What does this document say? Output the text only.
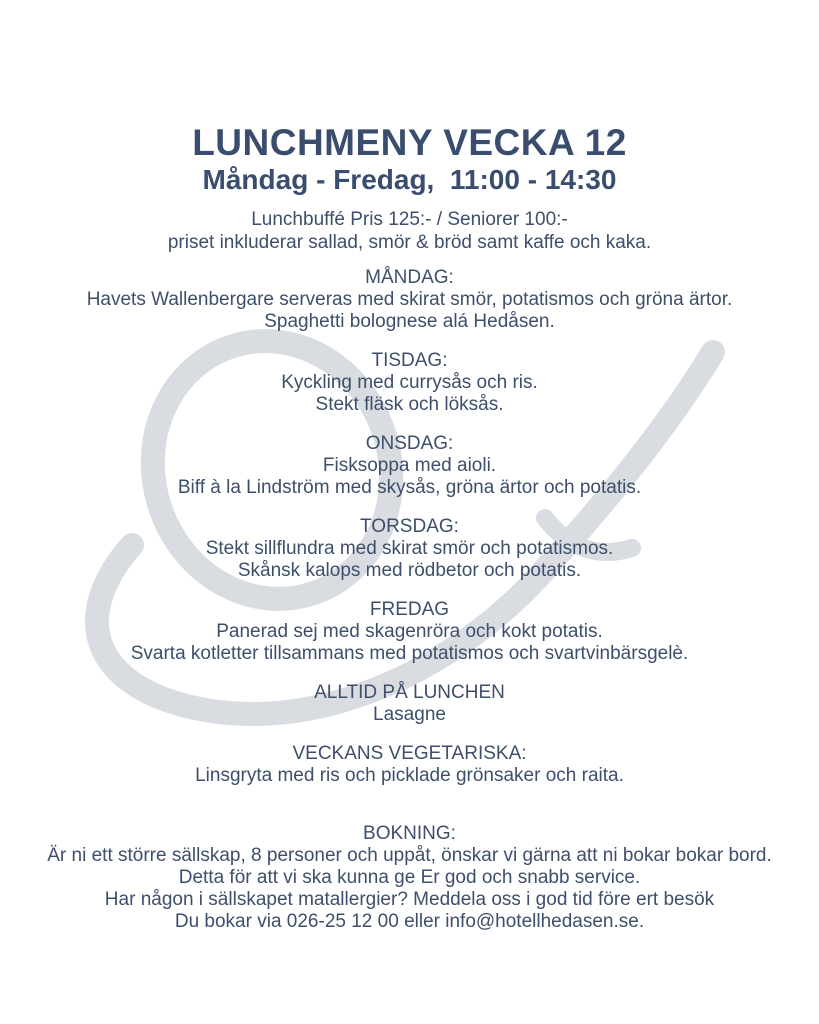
LUNCHMENY VECKA 12
Måndag - Fredag,  11:00 - 14:30
Lunchbuffé Pris 125:- / Seniorer 100:-
priset inkluderar sallad, smör & bröd samt kaffe och kaka.
MÅNDAG:
Havets Wallenbergare serveras med skirat smör, potatismos och gröna ärtor.
Spaghetti bolognese alá Hedåsen.
TISDAG:
Kyckling med currysås och ris.
Stekt fläsk och löksås.
ONSDAG:
Fisksoppa med aioli.
Biff à la Lindström med skysås, gröna ärtor och potatis.
TORSDAG:
Stekt sillflundra med skirat smör och potatismos.
Skånsk kalops med rödbetor och potatis.
FREDAG
Panerad sej med skagenröra och kokt potatis.
Svarta kotletter tillsammans med potatismos och svartvinbärsgelè.
ALLTID PÅ LUNCHEN
Lasagne
VECKANS VEGETARISKA:
Linsgryta med ris och picklade grönsaker och raita.
BOKNING:
Är ni ett större sällskap, 8 personer och uppåt, önskar vi gärna att ni bokar bokar bord.
Detta för att vi ska kunna ge Er god och snabb service.
Har någon i sällskapet matallergier? Meddela oss i god tid före ert besök
Du bokar via 026-25 12 00 eller info@hotellhedasen.se.
